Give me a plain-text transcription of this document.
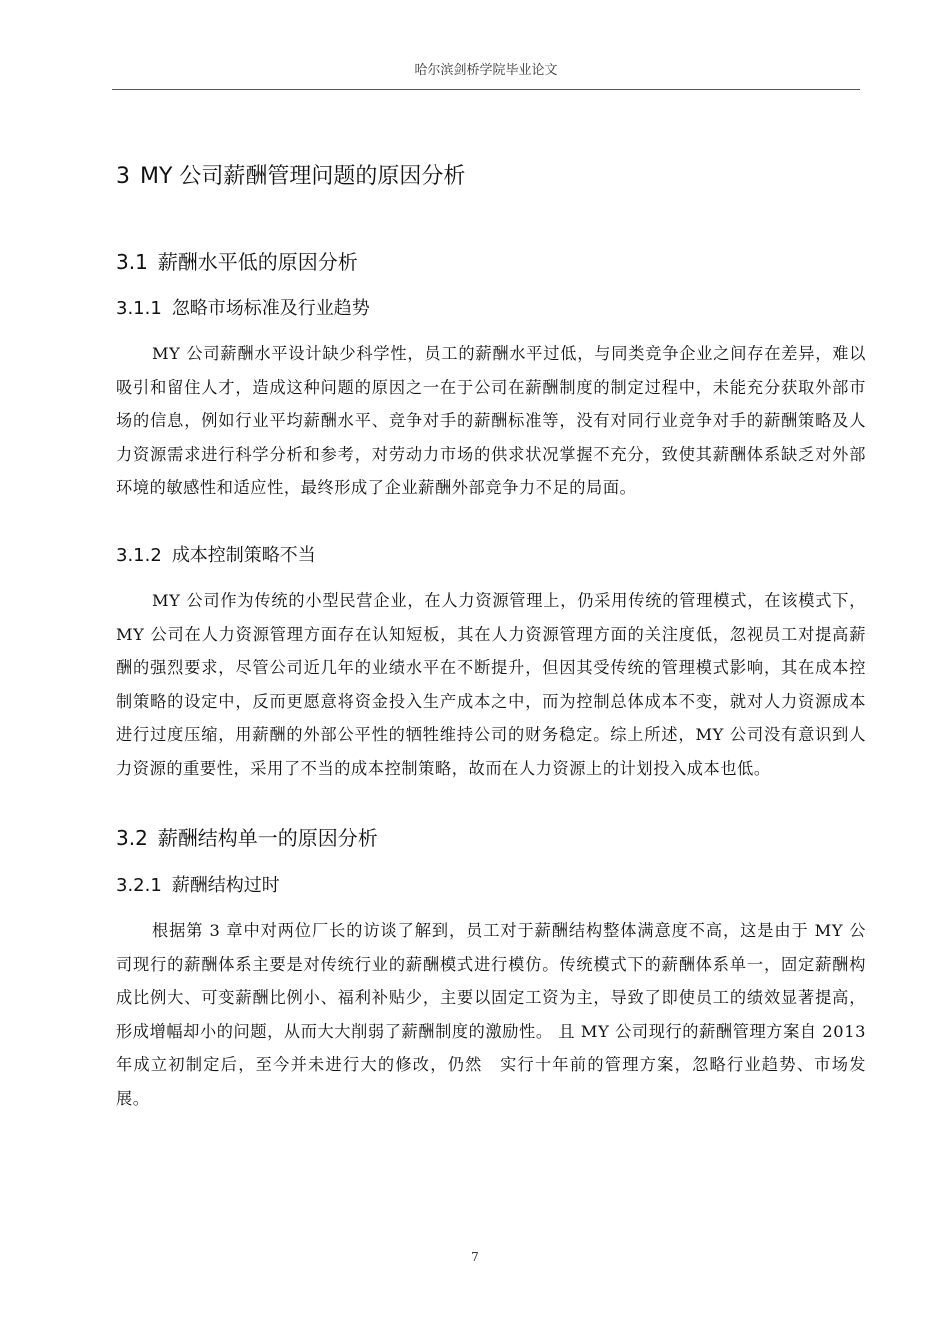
哈尔滨剑桥学院毕业论文
3 MY 公司薪酬管理问题的原因分析
3.1 薪酬水平低的原因分析
3.1.1 忽略市场标准及行业趋势
MY 公司薪酬水平设计缺少科学性，员工的薪酬水平过低，与同类竞争企业之间存在差异，难以吸引和留住人才，造成这种问题的原因之一在于公司在薪酬制度的制定过程中，未能充分获取外部市场的信息，例如行业平均薪酬水平、竞争对手的薪酬标准等，没有对同行业竞争对手的薪酬策略及人力资源需求进行科学分析和参考，对劳动力市场的供求状况掌握不充分，致使其薪酬体系缺乏对外部环境的敏感性和适应性，最终形成了企业薪酬外部竞争力不足的局面。
3.1.2 成本控制策略不当
MY 公司作为传统的小型民营企业，在人力资源管理上，仍采用传统的管理模式，在该模式下，MY 公司在人力资源管理方面存在认知短板，其在人力资源管理方面的关注度低，忽视员工对提高薪酬的强烈要求，尽管公司近几年的业绩水平在不断提升，但因其受传统的管理模式影响，其在成本控制策略的设定中，反而更愿意将资金投入生产成本之中，而为控制总体成本不变，就对人力资源成本进行过度压缩，用薪酬的外部公平性的牺牲维持公司的财务稳定。综上所述，MY 公司没有意识到人力资源的重要性，采用了不当的成本控制策略，故而在人力资源上的计划投入成本也低。
3.2 薪酬结构单一的原因分析
3.2.1 薪酬结构过时
根据第 3 章中对两位厂长的访谈了解到，员工对于薪酬结构整体满意度不高，这是由于 MY 公司现行的薪酬体系主要是对传统行业的薪酬模式进行模仿。传统模式下的薪酬体系单一，固定薪酬构成比例大、可变薪酬比例小、福利补贴少，主要以固定工资为主，导致了即使员工的绩效显著提高，形成增幅却小的问题，从而大大削弱了薪酬制度的激励性。 且 MY 公司现行的薪酬管理方案自 2013 年成立初制定后，至今并未进行大的修改，仍然　实行十年前的管理方案，忽略行业趋势、市场发展。
7
